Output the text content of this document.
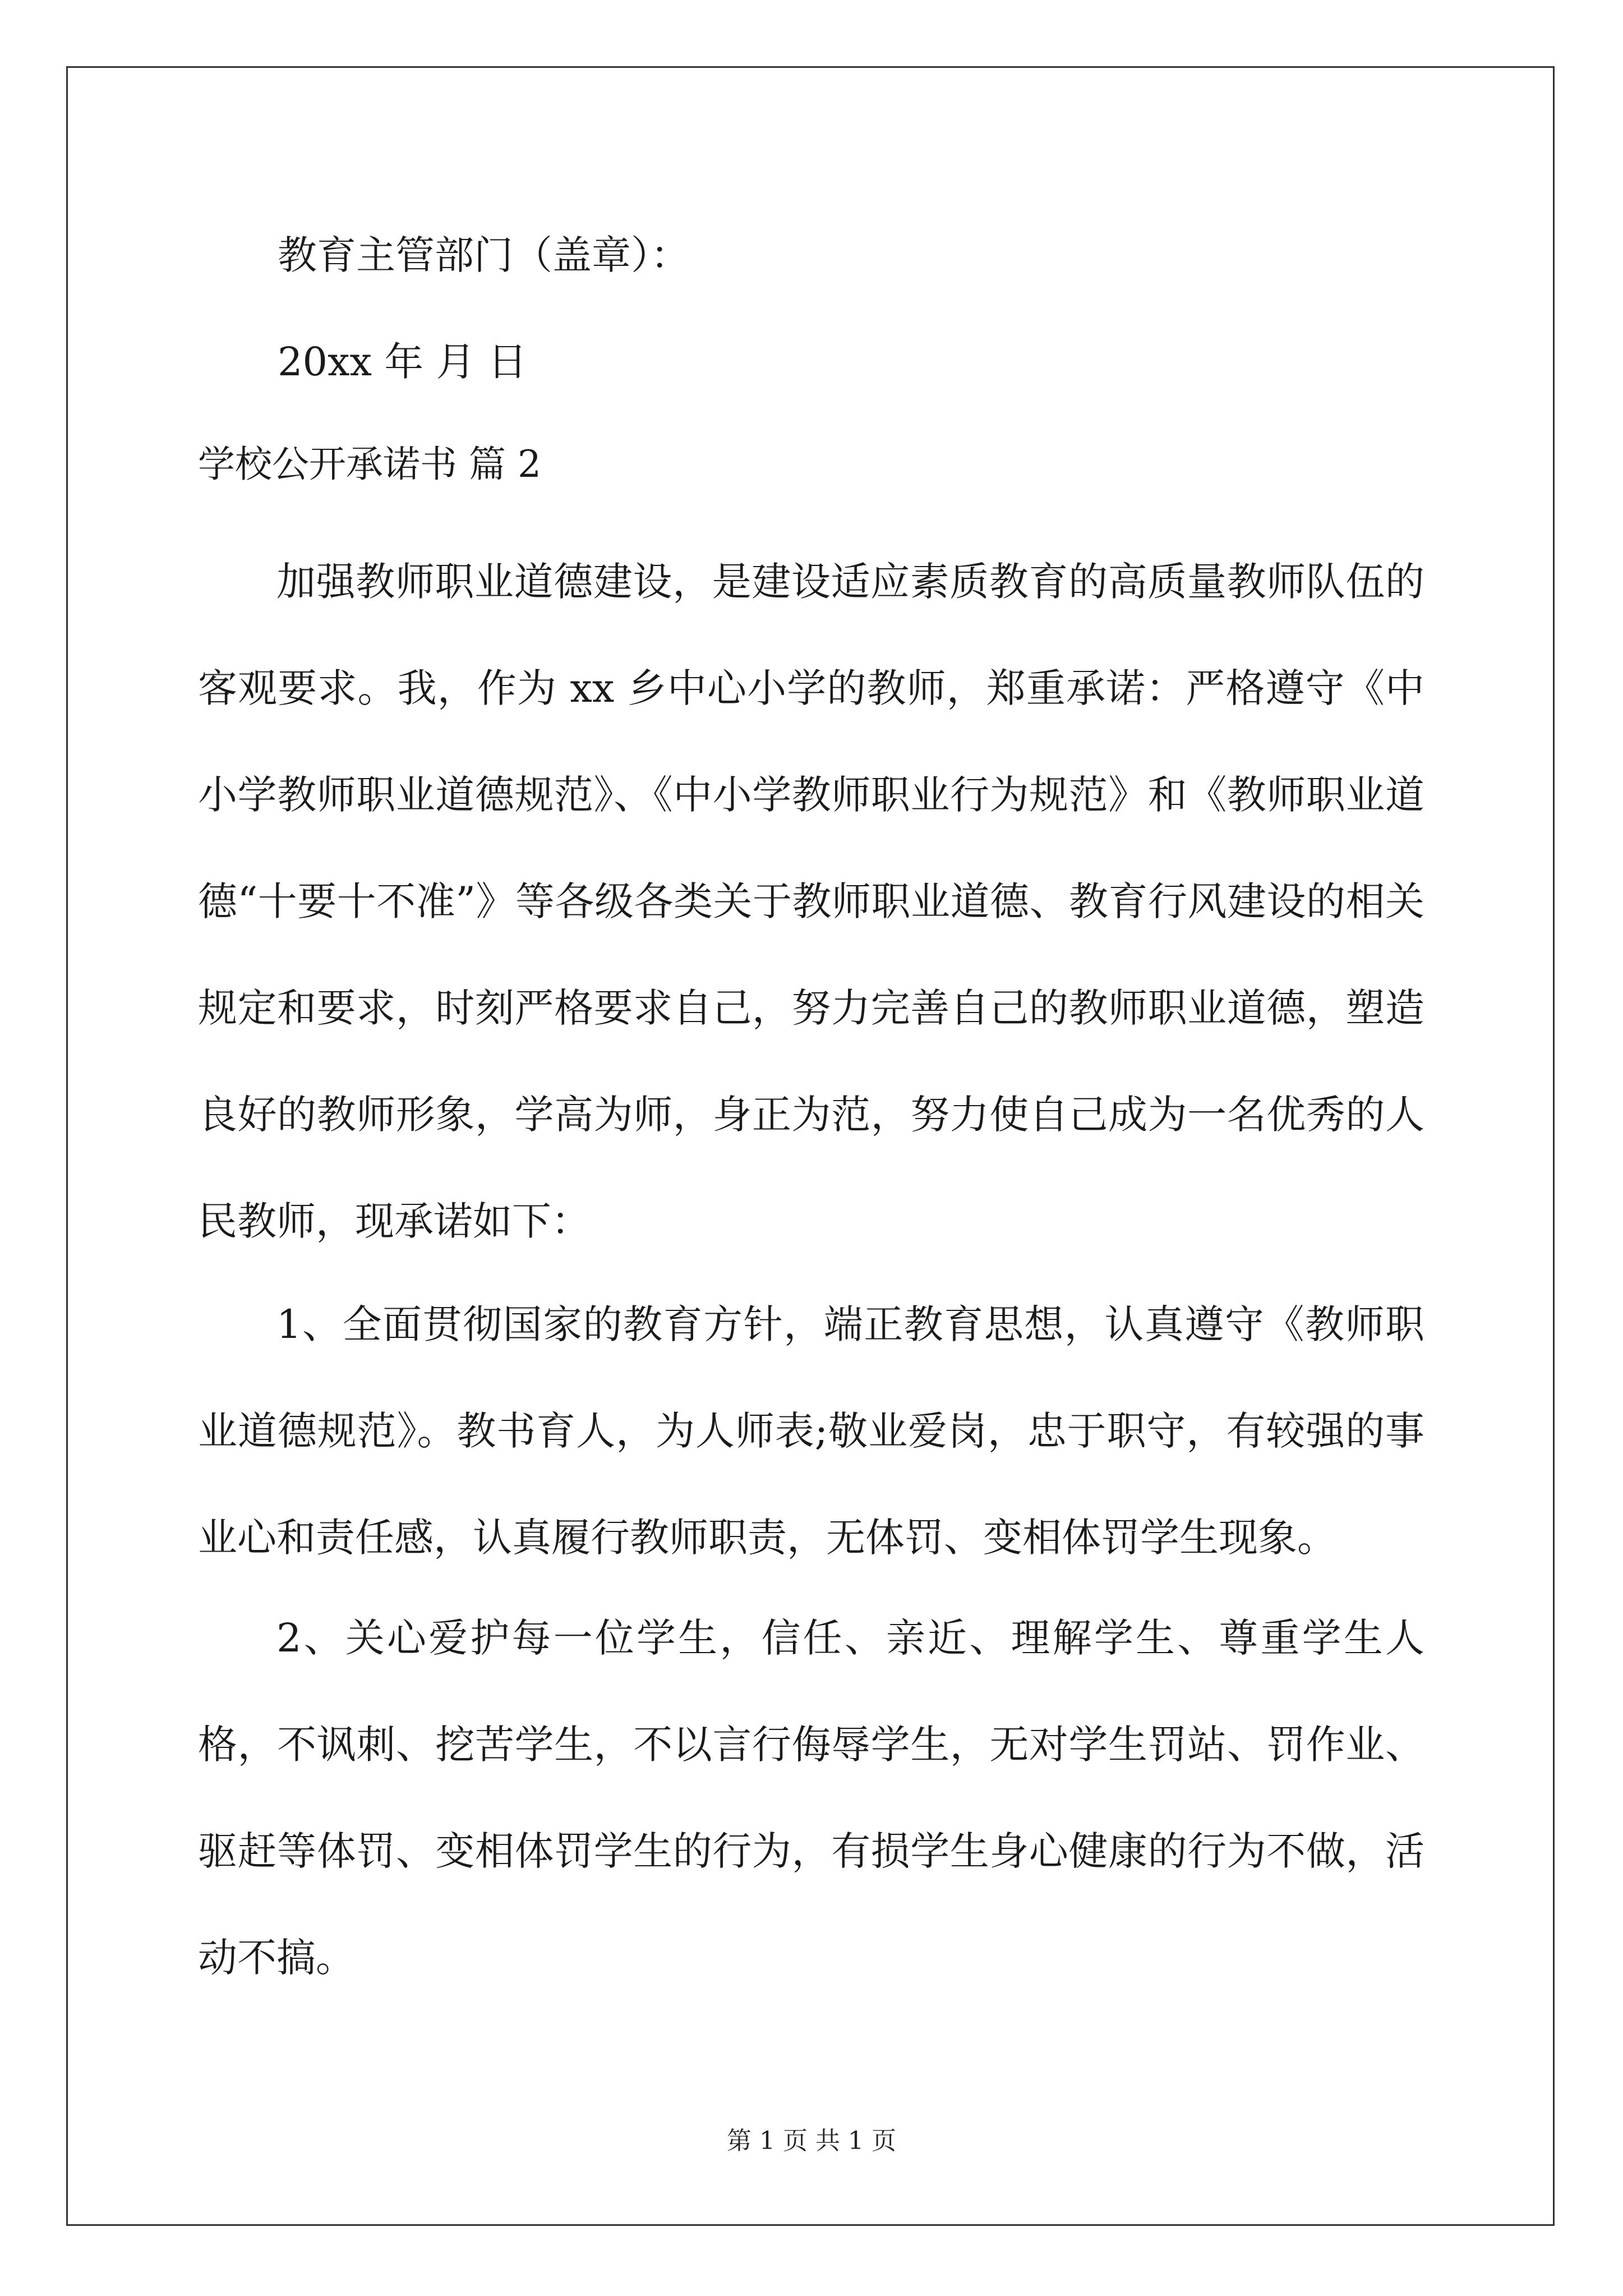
教育主管部门（盖章）：
20xx 年 月 日
学校公开承诺书 篇 2
加强教师职业道德建设，是建设适应素质教育的高质量教师队伍的客观要求。我，作为 xx 乡中心小学的教师，郑重承诺：严格遵守《中小学教师职业道德规范》、《中小学教师职业行为规范》和《教师职业道德“十要十不准”》等各级各类关于教师职业道德、教育行风建设的相关规定和要求，时刻严格要求自己，努力完善自己的教师职业道德，塑造良好的教师形象，学高为师，身正为范，努力使自己成为一名优秀的人民教师，现承诺如下：
1、全面贯彻国家的教育方针，端正教育思想，认真遵守《教师职业道德规范》。教书育人，为人师表;敬业爱岗，忠于职守，有较强的事业心和责任感，认真履行教师职责，无体罚、变相体罚学生现象。
2、关心爱护每一位学生，信任、亲近、理解学生、尊重学生人格，不讽刺、挖苦学生，不以言行侮辱学生，无对学生罚站、罚作业、驱赶等体罚、变相体罚学生的行为，有损学生身心健康的行为不做，活动不搞。
第 1 页 共 1 页
